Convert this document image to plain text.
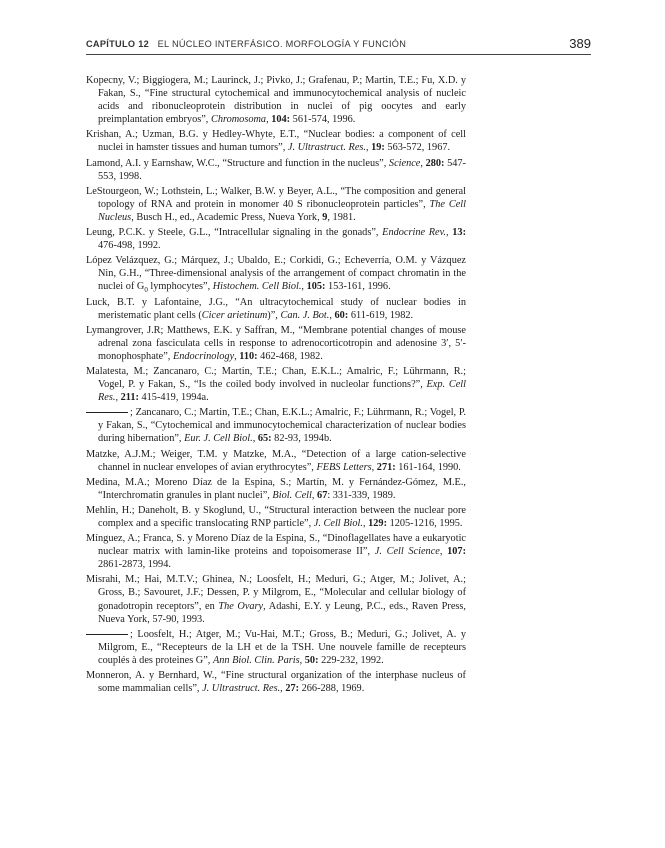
CAPÍTULO 12 EL NÚCLEO INTERFÁSICO. MORFOLOGÍA Y FUNCIÓN	389

Kopecny, V.; Biggiogera, M.; Laurinck, J.; Pivko, J.; Grafenau, P.; Martin, T.E.; Fu, X.D. y Fakan, S., “Fine structural cytochemical and immunocytochemical analysis of nucleic acids and ribonucleoprotein distribution in nuclei of pig oocytes and early preimplantation embryos”, Chromosoma, 104: 561-574, 1996.

Krishan, A.; Uzman, B.G. y Hedley-Whyte, E.T., “Nuclear bodies: a component of cell nuclei in hamster tissues and human tumors”, J. Ultrastruct. Res., 19: 563-572, 1967.

Lamond, A.I. y Earnshaw, W.C., “Structure and function in the nucleus”, Science, 280: 547-553, 1998.

LeStourgeon, W.; Lothstein, L.; Walker, B.W. y Beyer, A.L., “The composition and general topology of RNA and protein in monomer 40 S ribonucleoprotein particles”, The Cell Nucleus, Busch H., ed., Academic Press, Nueva York, 9, 1981.

Leung, P.C.K. y Steele, G.L., “Intracellular signaling in the gonads”, Endocrine Rev., 13: 476-498, 1992.

López Velázquez, G.; Márquez, J.; Ubaldo, E.; Corkidi, G.; Echeverría, O.M. y Vázquez Nin, G.H., “Three-dimensional analysis of the arrangement of compact chromatin in the nuclei of $G_0$ lymphocytes”, Histochem. Cell Biol., 105: 153-161, 1996.

Luck, B.T. y Lafontaine, J.G., “An ultracytochemical study of nuclear bodies in meristematic plant cells (Cicer arietinum)”, Can. J. Bot., 60: 611-619, 1982.

Lymangrover, J.R; Matthews, E.K. y Saffran, M., “Membrane potential changes of mouse adrenal zona fasciculata cells in response to adrenocorticotropin and adenosine 3′, 5′-monophosphate”, Endocrinology, 110: 462-468, 1982.

Malatesta, M.; Zancanaro, C.; Martin, T.E.; Chan, E.K.L.; Amalric, F.; Lührmann, R.; Vogel, P. y Fakan, S., “Is the coiled body involved in nucleolar functions?”, Exp. Cell Res., 211: 415-419, 1994a.

; Zancanaro, C.; Martin, T.E.; Chan, E.K.L.; Amalric, F.; Lührmann, R.; Vogel, P. y Fakan, S., “Cytochemical and immunocytochemical characterization of nuclear bodies during hibernation”, Eur. J. Cell Biol., 65: 82-93, 1994b.

Matzke, A.J.M.; Weiger, T.M. y Matzke, M.A., “Detection of a large cation-selective channel in nuclear envelopes of avian erythrocytes”, FEBS Letters, 271: 161-164, 1990.

Medina, M.A.; Moreno Díaz de la Espina, S.; Martín, M. y Fernández-Gómez, M.E., “Interchromatin granules in plant nuclei”, Biol. Cell, 67: 331-339, 1989.

Mehlin, H.; Daneholt, B. y Skoglund, U., “Structural interaction between the nuclear pore complex and a specific translocating RNP particle”, J. Cell Biol., 129: 1205-1216, 1995.

Mínguez, A.; Franca, S. y Moreno Díaz de la Espina, S., “Dinoflagellates have a eukaryotic nuclear matrix with lamin-like proteins and topoisomerase II”, J. Cell Science, 107: 2861-2873, 1994.

Misrahi, M.; Hai, M.T.V.; Ghinea, N.; Loosfelt, H.; Meduri, G.; Atger, M.; Jolivet, A.; Gross, B.; Savouret, J.F.; Dessen, P. y Milgrom, E., “Molecular and cellular biology of gonadotropin receptors”, en The Ovary, Adashi, E.Y. y Leung, P.C., eds., Raven Press, Nueva York, 57-90, 1993.

; Loosfelt, H.; Atger, M.; Vu-Hai, M.T.; Gross, B.; Meduri, G.; Jolivet, A. y Milgrom, E., “Recepteurs de la LH et de la TSH. Une nouvele famille de recepteurs couplés à des proteines G”, Ann Biol. Clin. Paris, 50: 229-232, 1992.

Monneron, A. y Bernhard, W., “Fine structural organization of the interphase nucleus of some mammalian cells”, J. Ultrastruct. Res., 27: 266-288, 1969.
